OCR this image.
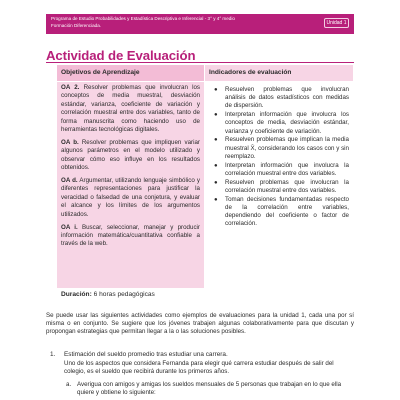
Programa de Estudio Probabilidades y Estadística Descriptiva e Inferencial - 3° y 4° medio
Formación Diferenciada.	Unidad 1
Actividad de Evaluación
Objetivos de Aprendizaje	Indicadores de evaluación

OA 2. Resolver problemas que involucran los conceptos de media muestral, desviación estándar, varianza, coeficiente de variación y correlación muestral entre dos variables, tanto de forma manuscrita como haciendo uso de herramientas tecnológicas digitales.

OA b. Resolver problemas que impliquen variar algunos parámetros en el modelo utilizado y observar cómo eso influye en los resultados obtenidos.

OA d. Argumentar, utilizando lenguaje simbólico y diferentes representaciones para justificar la veracidad o falsedad de una conjetura, y evaluar el alcance y los límites de los argumentos utilizados.

OA i. Buscar, seleccionar, manejar y producir información matemática/cuantitativa confiable a través de la web.

● Resuelven problemas que involucran análisis de datos estadísticos con medidas de dispersión.
● Interpretan información que involucra los conceptos de media, desviación estándar, varianza y coeficiente de variación.
● Resuelven problemas que implican la media muestral X̄, considerando los casos con y sin reemplazo.
● Interpretan información que involucra la correlación muestral entre dos variables.
● Resuelven problemas que involucran la correlación muestral entre dos variables.
● Toman decisiones fundamentadas respecto de la correlación entre variables, dependiendo del coeficiente o factor de correlación.
Duración: 6 horas pedagógicas

Se puede usar las siguientes actividades como ejemplos de evaluaciones para la unidad 1, cada una por sí misma o en conjunto. Se sugiere que los jóvenes trabajen algunas colaborativamente para que discutan y propongan estrategias que permitan llegar a la o las soluciones posibles.

1. Estimación del sueldo promedio tras estudiar una carrera.

Uno de los aspectos que considera Fernanda para elegir qué carrera estudiar después de salir del colegio, es el sueldo que recibirá durante los primeros años.

a. Averigua con amigos y amigas los sueldos mensuales de 5 personas que trabajan en lo que ella quiere y obtiene lo siguiente:
